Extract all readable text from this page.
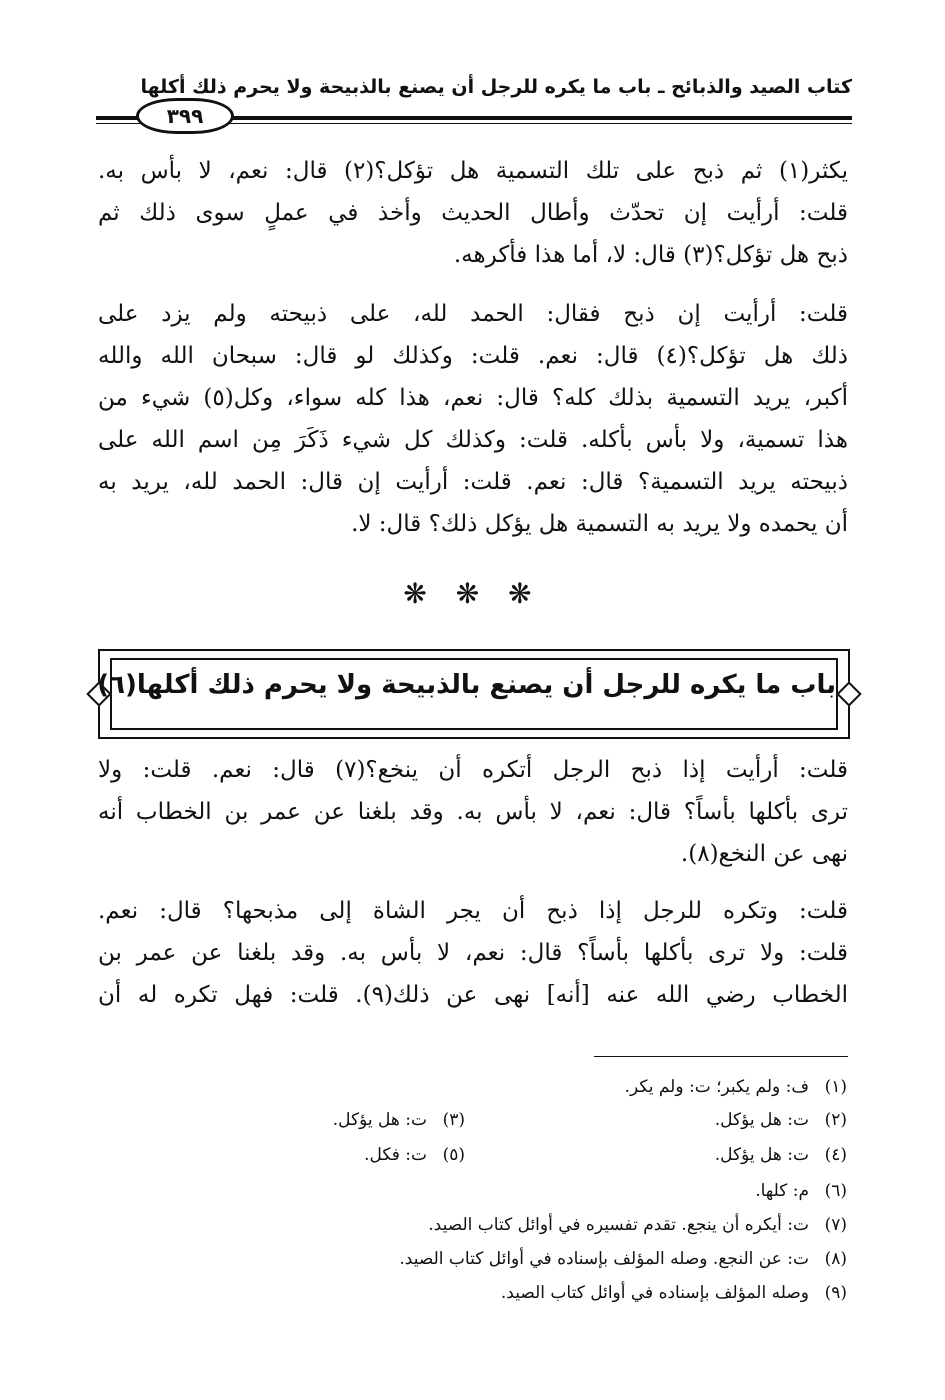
كتاب الصيد والذبائح ـ باب ما يكره للرجل أن يصنع بالذبيحة ولا يحرم ذلك أكلها
٣٩٩
يكثر(١) ثم ذبح على تلك التسمية هل تؤكل؟(٢) قال: نعم، لا بأس به.
قلت: أرأيت إن تحدّث وأطال الحديث وأخذ في عملٍ سوى ذلك ثم
ذبح هل تؤكل؟(٣) قال: لا، أما هذا فأكرهه.
قلت: أرأيت إن ذبح فقال: الحمد لله، على ذبيحته ولم يزد على
ذلك هل تؤكل؟(٤) قال: نعم. قلت: وكذلك لو قال: سبحان الله والله
أكبر، يريد التسمية بذلك كله؟ قال: نعم، هذا كله سواء، وكل(٥) شيء من
هذا تسمية، ولا بأس بأكله. قلت: وكذلك كل شيء ذَكَرَ مِن اسم الله على
ذبيحته يريد التسمية؟ قال: نعم. قلت: أرأيت إن قال: الحمد لله، يريد به
أن يحمده ولا يريد به التسمية هل يؤكل ذلك؟ قال: لا.
❋ ❋ ❋
باب ما يكره للرجل أن يصنع بالذبيحة ولا يحرم ذلك أكلها(٦)
قلت: أرأيت إذا ذبح الرجل أتكره أن ينخع؟(٧) قال: نعم. قلت: ولا
ترى بأكلها بأساً؟ قال: نعم، لا بأس به. وقد بلغنا عن عمر بن الخطاب أنه
نهى عن النخع(٨).
قلت: وتكره للرجل إذا ذبح أن يجر الشاة إلى مذبحها؟ قال: نعم.
قلت: ولا ترى بأكلها بأساً؟ قال: نعم، لا بأس به. وقد بلغنا عن عمر بن
الخطاب رضي الله عنه [أنه] نهى عن ذلك(٩). قلت: فهل تكره له أن
(١)ف: ولم يكبر؛ ت: ولم يكر.
(٢)ت: هل يؤكل.
(٣)ت: هل يؤكل.
(٤)ت: هل يؤكل.
(٥)ت: فكل.
(٦)م: كلها.
(٧)ت: أيكره أن ينجع. تقدم تفسيره في أوائل كتاب الصيد.
(٨)ت: عن النجع. وصله المؤلف بإسناده في أوائل كتاب الصيد.
(٩)وصله المؤلف بإسناده في أوائل كتاب الصيد.
